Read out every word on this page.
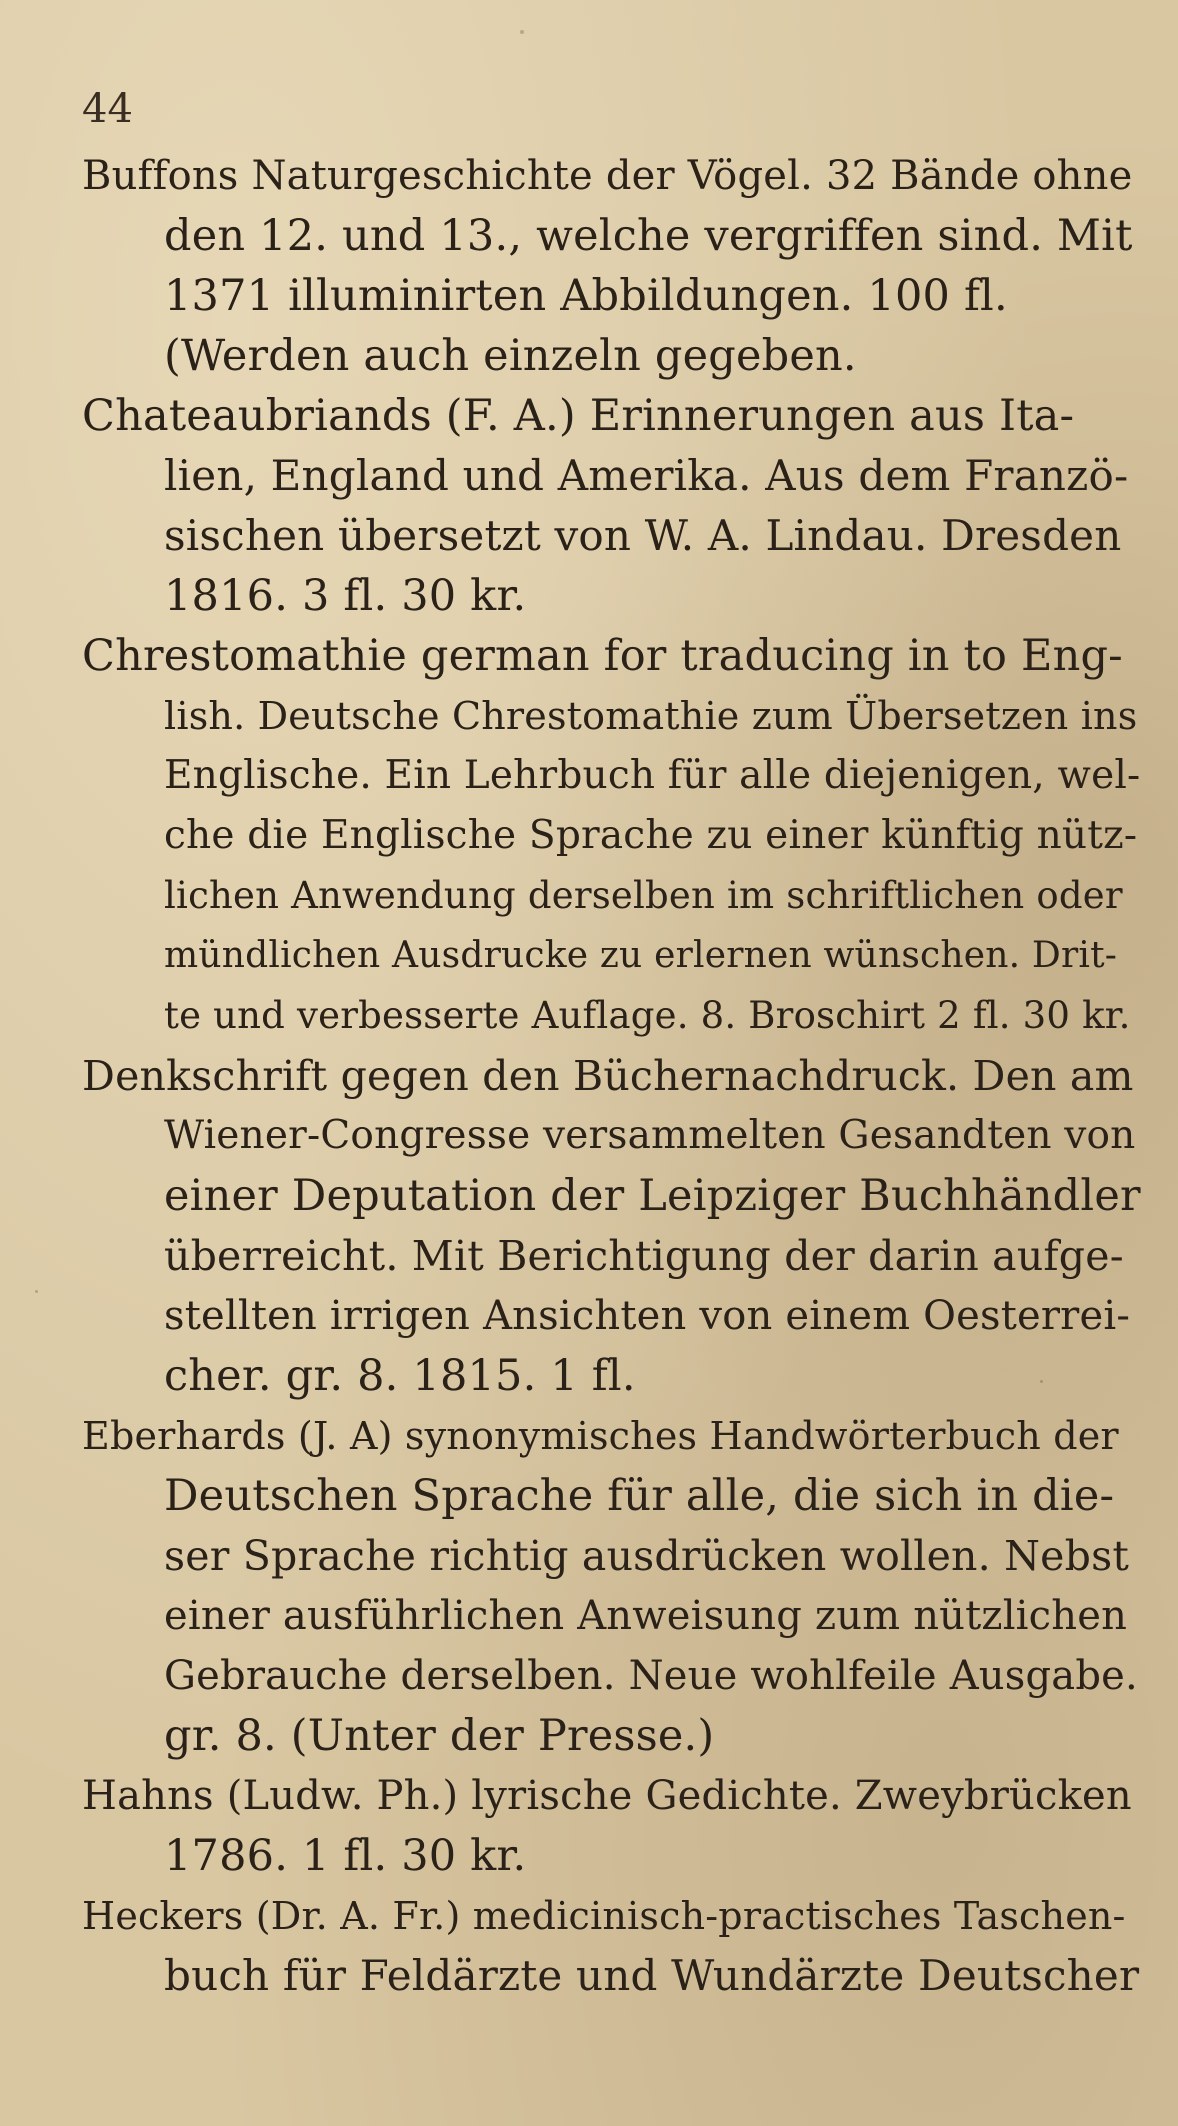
44
Buffons Naturgeschichte der Vögel. 32 Bände ohne
den 12. und 13., welche vergriffen sind. Mit
1371 illuminirten Abbildungen. 100 fl.
(Werden auch einzeln gegeben.
Chateaubriands (F. A.) Erinnerungen aus Ita-
lien, England und Amerika. Aus dem Franzö-
sischen übersetzt von W. A. Lindau. Dresden
1816. 3 fl. 30 kr.
Chrestomathie german for traducing in to Eng-
lish. Deutsche Chrestomathie zum Übersetzen ins
Englische. Ein Lehrbuch für alle diejenigen, wel-
che die Englische Sprache zu einer künftig nütz-
lichen Anwendung derselben im schriftlichen oder
mündlichen Ausdrucke zu erlernen wünschen. Drit-
te und verbesserte Auflage. 8. Broschirt 2 fl. 30 kr.
Denkschrift gegen den Büchernachdruck. Den am
Wiener-Congresse versammelten Gesandten von
einer Deputation der Leipziger Buchhändler
überreicht. Mit Berichtigung der darin aufge-
stellten irrigen Ansichten von einem Oesterrei-
cher. gr. 8. 1815. 1 fl.
Eberhards (J. A) synonymisches Handwörterbuch der
Deutschen Sprache für alle, die sich in die-
ser Sprache richtig ausdrücken wollen. Nebst
einer ausführlichen Anweisung zum nützlichen
Gebrauche derselben. Neue wohlfeile Ausgabe.
gr. 8. (Unter der Presse.)
Hahns (Ludw. Ph.) lyrische Gedichte. Zweybrücken
1786. 1 fl. 30 kr.
Heckers (Dr. A. Fr.) medicinisch-practisches Taschen-
buch für Feldärzte und Wundärzte Deutscher
